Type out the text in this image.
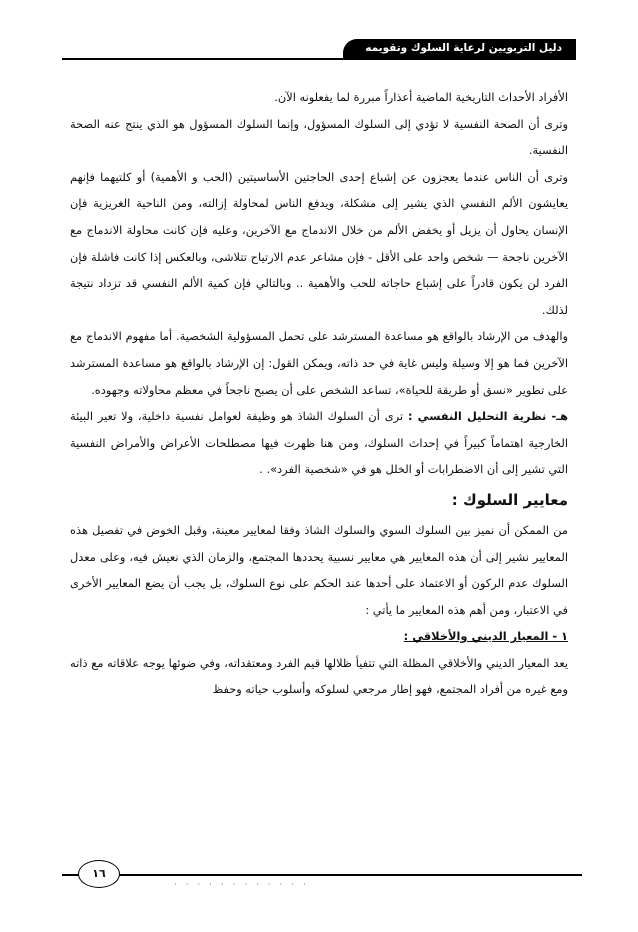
دليل التربويين لرعاية السلوك وتقويمه

الأفراد الأحداث التاريخية الماضية أعذاراً مبررة لما يفعلونه الآن.

وترى أن الصحة النفسية لا تؤدي إلى السلوك المسؤول، وإنما السلوك المسؤول هو الذي ينتج عنه الصحة النفسية.

وترى أن الناس عندما يعجزون عن إشباع إحدى الحاجتين الأساسيتين (الحب و الأهمية) أو كلتيهما فإنهم يعايشون الألم النفسي الذي يشير إلى مشكلة، ويدفع الناس لمحاولة إزالته، ومن الناحية الغريزية فإن الإنسان يحاول أن يزيل أو يخفض الألم من خلال الاندماج مع الآخرين، وعليه فإن كانت محاولة الاندماج مع الآخرين ناجحة — شخص واحد على الأقل - فإن مشاعر عدم الارتياح تتلاشى، وبالعكس إذا كانت فاشلة فإن الفرد لن يكون قادراً على إشباع حاجاته للحب والأهمية .. وبالتالي فإن كمية الألم النفسي قد تزداد نتيجة لذلك.

والهدف من الإرشاد بالواقع هو مساعدة المسترشد على تحمل المسؤولية الشخصية. أما مفهوم الاندماج مع الآخرين فما هو إلا وسيلة وليس غاية في حد ذاته، ويمكن القول: إن الإرشاد بالواقع هو مساعدة المسترشد على تطوير «نسق أو طريقة للحياة»، تساعد الشخص على أن يصبح ناجحاً في معظم محاولاته وجهوده.

هـ- نظرية التحليل النفسي : ترى أن السلوك الشاذ هو وظيفة لعوامل نفسية داخلية، ولا تعير البيئة الخارجية اهتماماً كبيراً في إحداث السلوك، ومن هنا ظهرت فيها مصطلحات الأعراض والأمراض النفسية التي تشير إلى أن الاضطرابات أو الخلل هو في «شخصية الفرد». .

معايير السلوك :

من الممكن أن نميز بين السلوك السوي والسلوك الشاذ وفقا لمعايير معينة، وقبل الخوض في تفصيل هذه المعايير نشير إلى أن هذه المعايير هي معايير نسبية يحددها المجتمع، والزمان الذي نعيش فيه، وعلى معدل السلوك عدم الركون أو الاعتماد على أحدها عند الحكم على نوع السلوك، بل يجب أن يضع المعايير الأخرى في الاعتبار، ومن أهم هذه المعايير ما يأتي :

١ - المعيار الديني والأخلاقي :

يعد المعيار الديني والأخلاقي المظلة التي تتفيأ ظلالها قيم الفرد ومعتقداته، وفي ضوئها يوجه علاقاته مع ذاته ومع غيره من أفراد المجتمع، فهو إطار مرجعي لسلوكه وأسلوب حياته وحفظ

١٦
· · · · · · · · · · · ·
